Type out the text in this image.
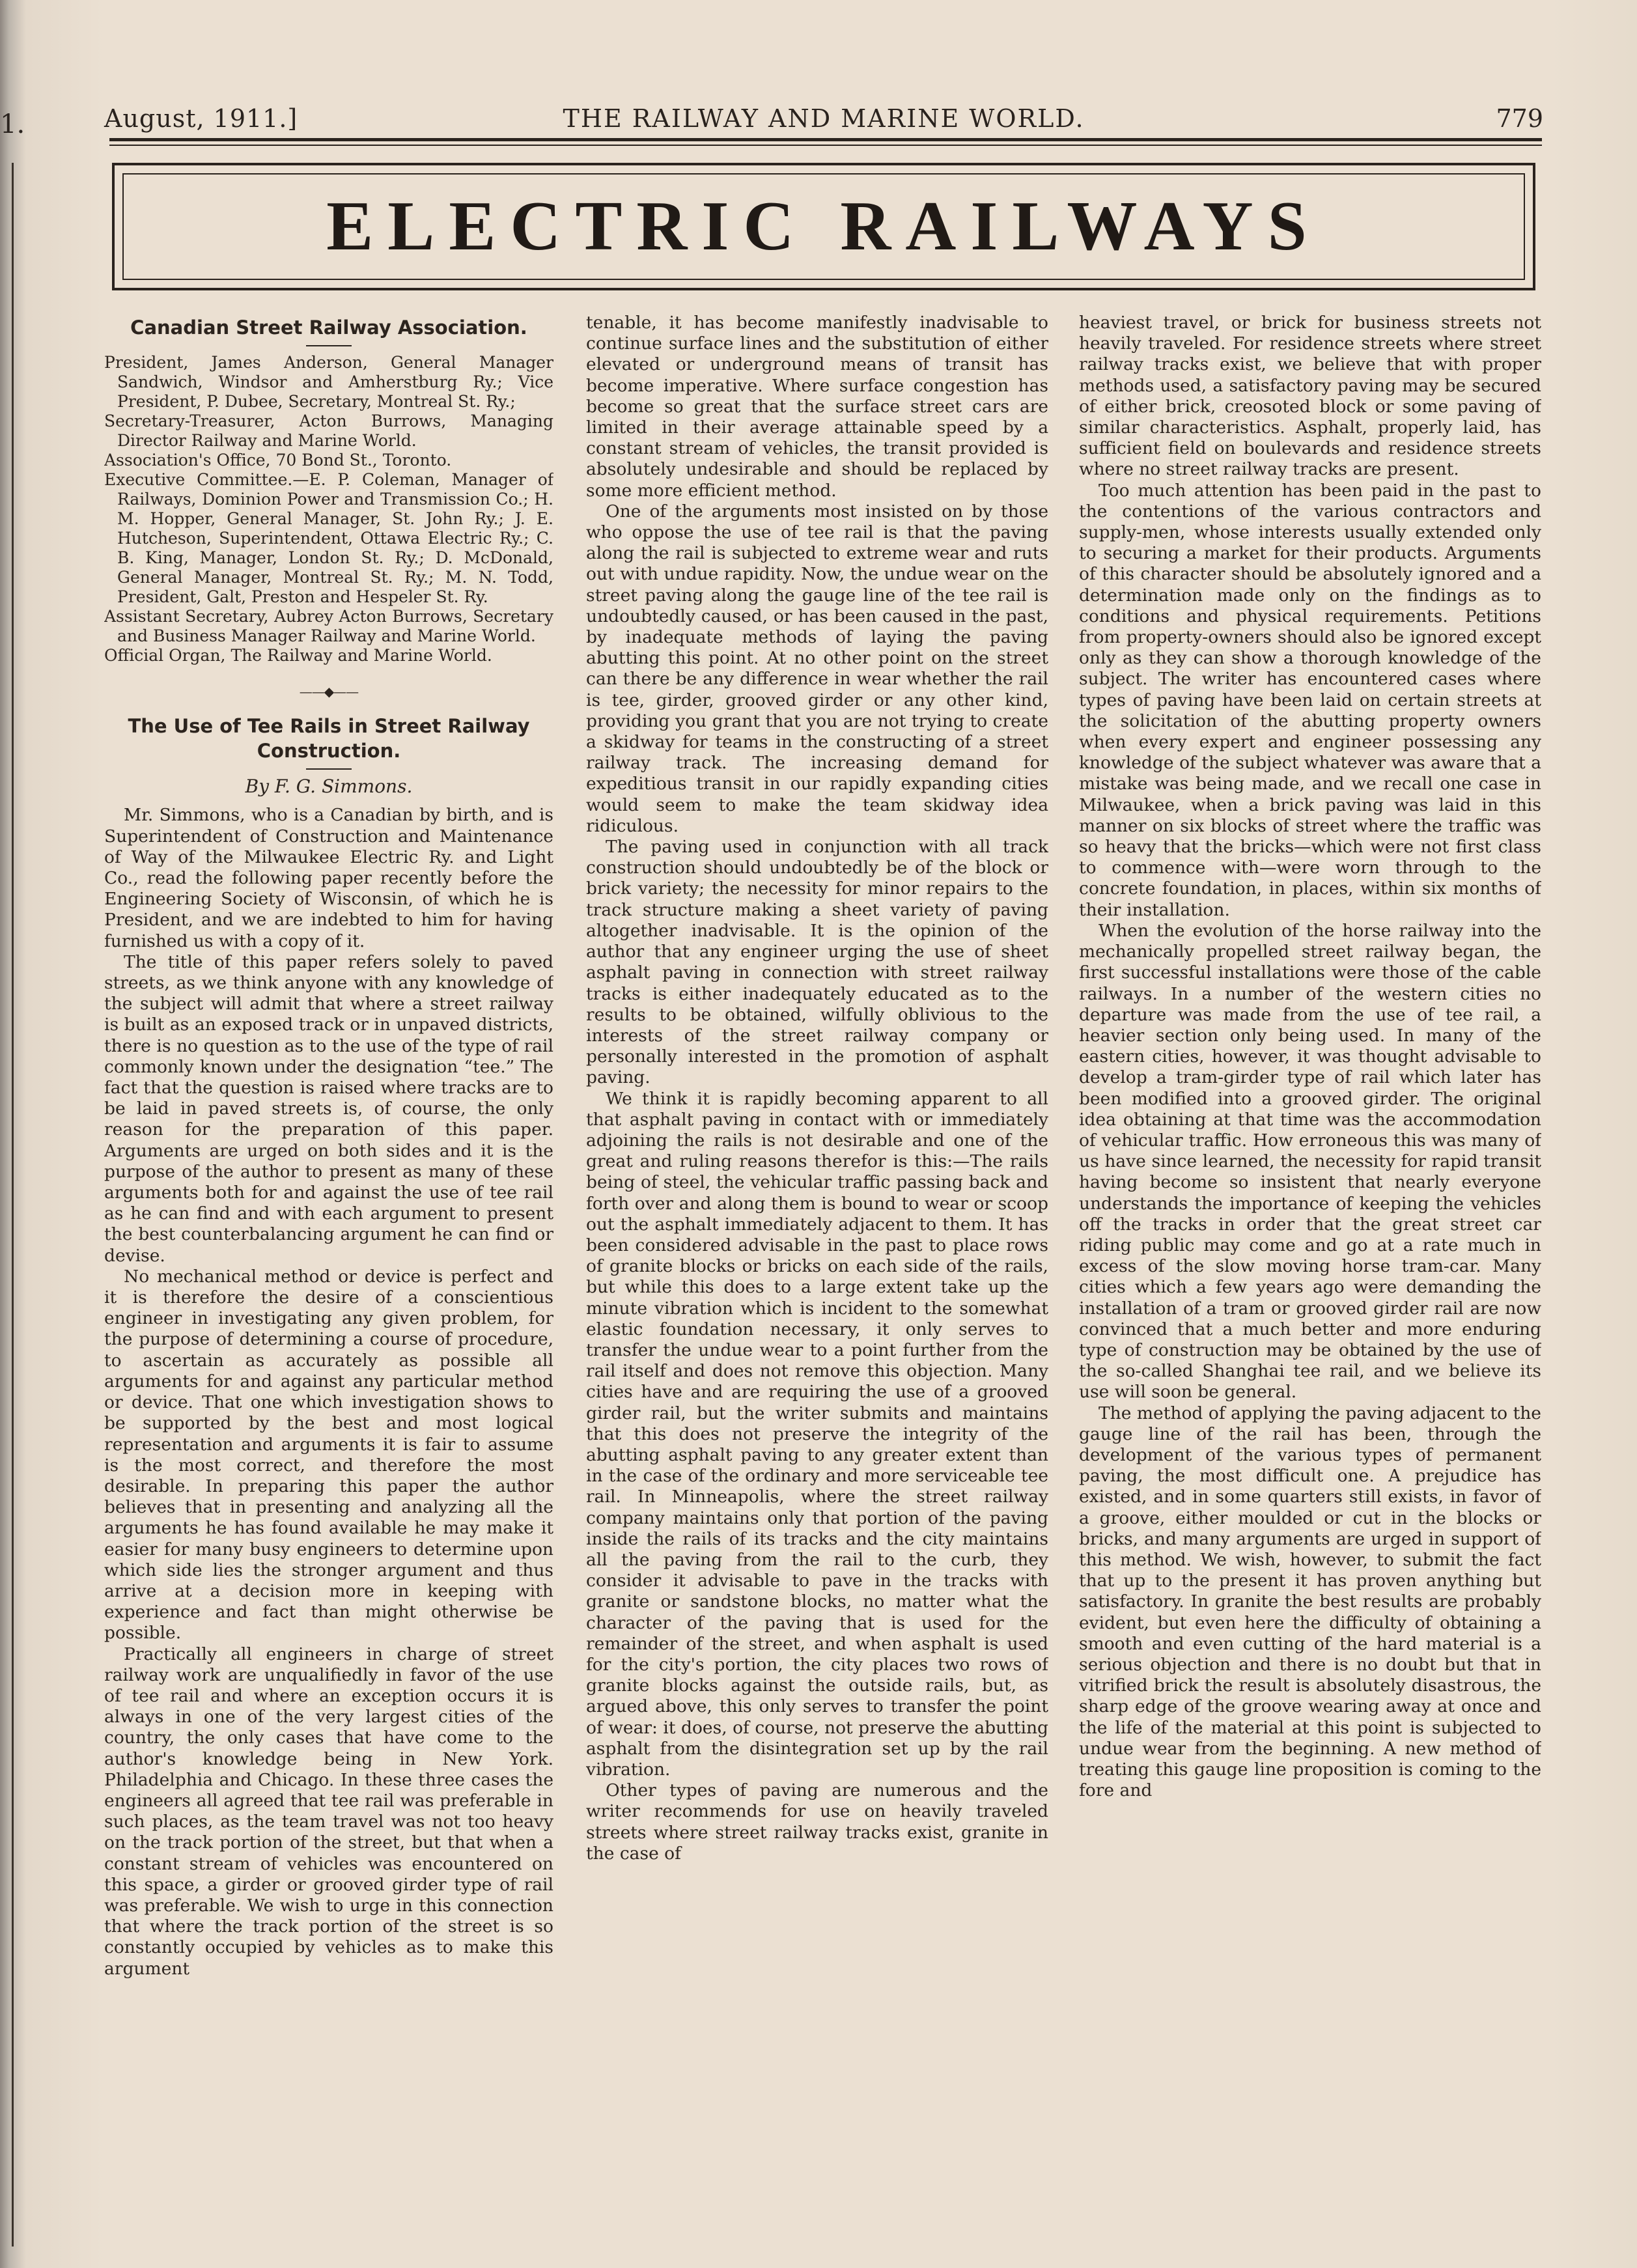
1.	August, 1911.]	THE RAILWAY AND MARINE WORLD.	779
ELECTRIC RAILWAYS
Canadian Street Railway Association.

President, James Anderson, General Manager Sandwich, Windsor and Amherstburg Ry.; Vice President, P. Dubee, Secretary, Montreal St. Ry.;

Secretary-Treasurer, Acton Burrows, Managing Director Railway and Marine World.

Association's Office, 70 Bond St., Toronto.

Executive Committee.—E. P. Coleman, Manager of Railways, Dominion Power and Transmission Co.; H. M. Hopper, General Manager, St. John Ry.; J. E. Hutcheson, Superintendent, Ottawa Electric Ry.; C. B. King, Manager, London St. Ry.; D. McDonald, General Manager, Montreal St. Ry.; M. N. Todd, President, Galt, Preston and Hespeler St. Ry.

Assistant Secretary, Aubrey Acton Burrows, Secretary and Business Manager Railway and Marine World.

Official Organ, The Railway and Marine World.

——◆——
The Use of Tee Rails in Street Railway Construction.
By F. G. Simmons.

Mr. Simmons, who is a Canadian by birth, and is Superintendent of Construction and Maintenance of Way of the Milwaukee Electric Ry. and Light Co., read the following paper recently before the Engineering Society of Wisconsin, of which he is President, and we are indebted to him for having furnished us with a copy of it.

The title of this paper refers solely to paved streets, as we think anyone with any knowledge of the subject will admit that where a street railway is built as an exposed track or in unpaved districts, there is no question as to the use of the type of rail commonly known under the designation “tee.” The fact that the question is raised where tracks are to be laid in paved streets is, of course, the only reason for the preparation of this paper. Arguments are urged on both sides and it is the purpose of the author to present as many of these arguments both for and against the use of tee rail as he can find and with each argument to present the best counterbalancing argument he can find or devise.

No mechanical method or device is perfect and it is therefore the desire of a conscientious engineer in investigating any given problem, for the purpose of determining a course of procedure, to ascertain as accurately as possible all arguments for and against any particular method or device. That one which investigation shows to be supported by the best and most logical representation and arguments it is fair to assume is the most correct, and therefore the most desirable. In preparing this paper the author believes that in presenting and analyzing all the arguments he has found available he may make it easier for many busy engineers to determine upon which side lies the stronger argument and thus arrive at a decision more in keeping with experience and fact than might otherwise be possible.

Practically all engineers in charge of street railway work are unqualifiedly in favor of the use of tee rail and where an exception occurs it is always in one of the very largest cities of the country, the only cases that have come to the author's knowledge being in New York. Philadelphia and Chicago. In these three cases the engineers all agreed that tee rail was preferable in such places, as the team travel was not too heavy on the track portion of the street, but that when a constant stream of vehicles was encountered on this space, a girder or grooved girder type of rail was preferable. We wish to urge in this connection that where the track portion of the street is so constantly occupied by vehicles as to make this argument

tenable, it has become manifestly inadvisable to continue surface lines and the substitution of either elevated or underground means of transit has become imperative. Where surface congestion has become so great that the surface street cars are limited in their average attainable speed by a constant stream of vehicles, the transit provided is absolutely undesirable and should be replaced by some more efficient method.

One of the arguments most insisted on by those who oppose the use of tee rail is that the paving along the rail is subjected to extreme wear and ruts out with undue rapidity. Now, the undue wear on the street paving along the gauge line of the tee rail is undoubtedly caused, or has been caused in the past, by inadequate methods of laying the paving abutting this point. At no other point on the street can there be any difference in wear whether the rail is tee, girder, grooved girder or any other kind, providing you grant that you are not trying to create a skidway for teams in the constructing of a street railway track. The increasing demand for expeditious transit in our rapidly expanding cities would seem to make the team skidway idea ridiculous.

The paving used in conjunction with all track construction should undoubtedly be of the block or brick variety; the necessity for minor repairs to the track structure making a sheet variety of paving altogether inadvisable. It is the opinion of the author that any engineer urging the use of sheet asphalt paving in connection with street railway tracks is either inadequately educated as to the results to be obtained, wilfully oblivious to the interests of the street railway company or personally interested in the promotion of asphalt paving.

We think it is rapidly becoming apparent to all that asphalt paving in contact with or immediately adjoining the rails is not desirable and one of the great and ruling reasons therefor is this:—The rails being of steel, the vehicular traffic passing back and forth over and along them is bound to wear or scoop out the asphalt immediately adjacent to them. It has been considered advisable in the past to place rows of granite blocks or bricks on each side of the rails, but while this does to a large extent take up the minute vibration which is incident to the somewhat elastic foundation necessary, it only serves to transfer the undue wear to a point further from the rail itself and does not remove this objection. Many cities have and are requiring the use of a grooved girder rail, but the writer submits and maintains that this does not preserve the integrity of the abutting asphalt paving to any greater extent than in the case of the ordinary and more serviceable tee rail. In Minneapolis, where the street railway company maintains only that portion of the paving inside the rails of its tracks and the city maintains all the paving from the rail to the curb, they consider it advisable to pave in the tracks with granite or sandstone blocks, no matter what the character of the paving that is used for the remainder of the street, and when asphalt is used for the city's portion, the city places two rows of granite blocks against the outside rails, but, as argued above, this only serves to transfer the point of wear: it does, of course, not preserve the abutting asphalt from the disintegration set up by the rail vibration.

Other types of paving are numerous and the writer recommends for use on heavily traveled streets where street railway tracks exist, granite in the case of

heaviest travel, or brick for business streets not heavily traveled. For residence streets where street railway tracks exist, we believe that with proper methods used, a satisfactory paving may be secured of either brick, creosoted block or some paving of similar characteristics. Asphalt, properly laid, has sufficient field on boulevards and residence streets where no street railway tracks are present.

Too much attention has been paid in the past to the contentions of the various contractors and supply-men, whose interests usually extended only to securing a market for their products. Arguments of this character should be absolutely ignored and a determination made only on the findings as to conditions and physical requirements. Petitions from property-owners should also be ignored except only as they can show a thorough knowledge of the subject. The writer has encountered cases where types of paving have been laid on certain streets at the solicitation of the abutting property owners when every expert and engineer possessing any knowledge of the subject whatever was aware that a mistake was being made, and we recall one case in Milwaukee, when a brick paving was laid in this manner on six blocks of street where the traffic was so heavy that the bricks—which were not first class to commence with—were worn through to the concrete foundation, in places, within six months of their installation.

When the evolution of the horse railway into the mechanically propelled street railway began, the first successful installations were those of the cable railways. In a number of the western cities no departure was made from the use of tee rail, a heavier section only being used. In many of the eastern cities, however, it was thought advisable to develop a tram-girder type of rail which later has been modified into a grooved girder. The original idea obtaining at that time was the accommodation of vehicular traffic. How erroneous this was many of us have since learned, the necessity for rapid transit having become so insistent that nearly everyone understands the importance of keeping the vehicles off the tracks in order that the great street car riding public may come and go at a rate much in excess of the slow moving horse tram-car. Many cities which a few years ago were demanding the installation of a tram or grooved girder rail are now convinced that a much better and more enduring type of construction may be obtained by the use of the so-called Shanghai tee rail, and we believe its use will soon be general.

The method of applying the paving adjacent to the gauge line of the rail has been, through the development of the various types of permanent paving, the most difficult one. A prejudice has existed, and in some quarters still exists, in favor of a groove, either moulded or cut in the blocks or bricks, and many arguments are urged in support of this method. We wish, however, to submit the fact that up to the present it has proven anything but satisfactory. In granite the best results are probably evident, but even here the difficulty of obtaining a smooth and even cutting of the hard material is a serious objection and there is no doubt but that in vitrified brick the result is absolutely disastrous, the sharp edge of the groove wearing away at once and the life of the material at this point is subjected to undue wear from the beginning. A new method of treating this gauge line proposition is coming to the fore and
